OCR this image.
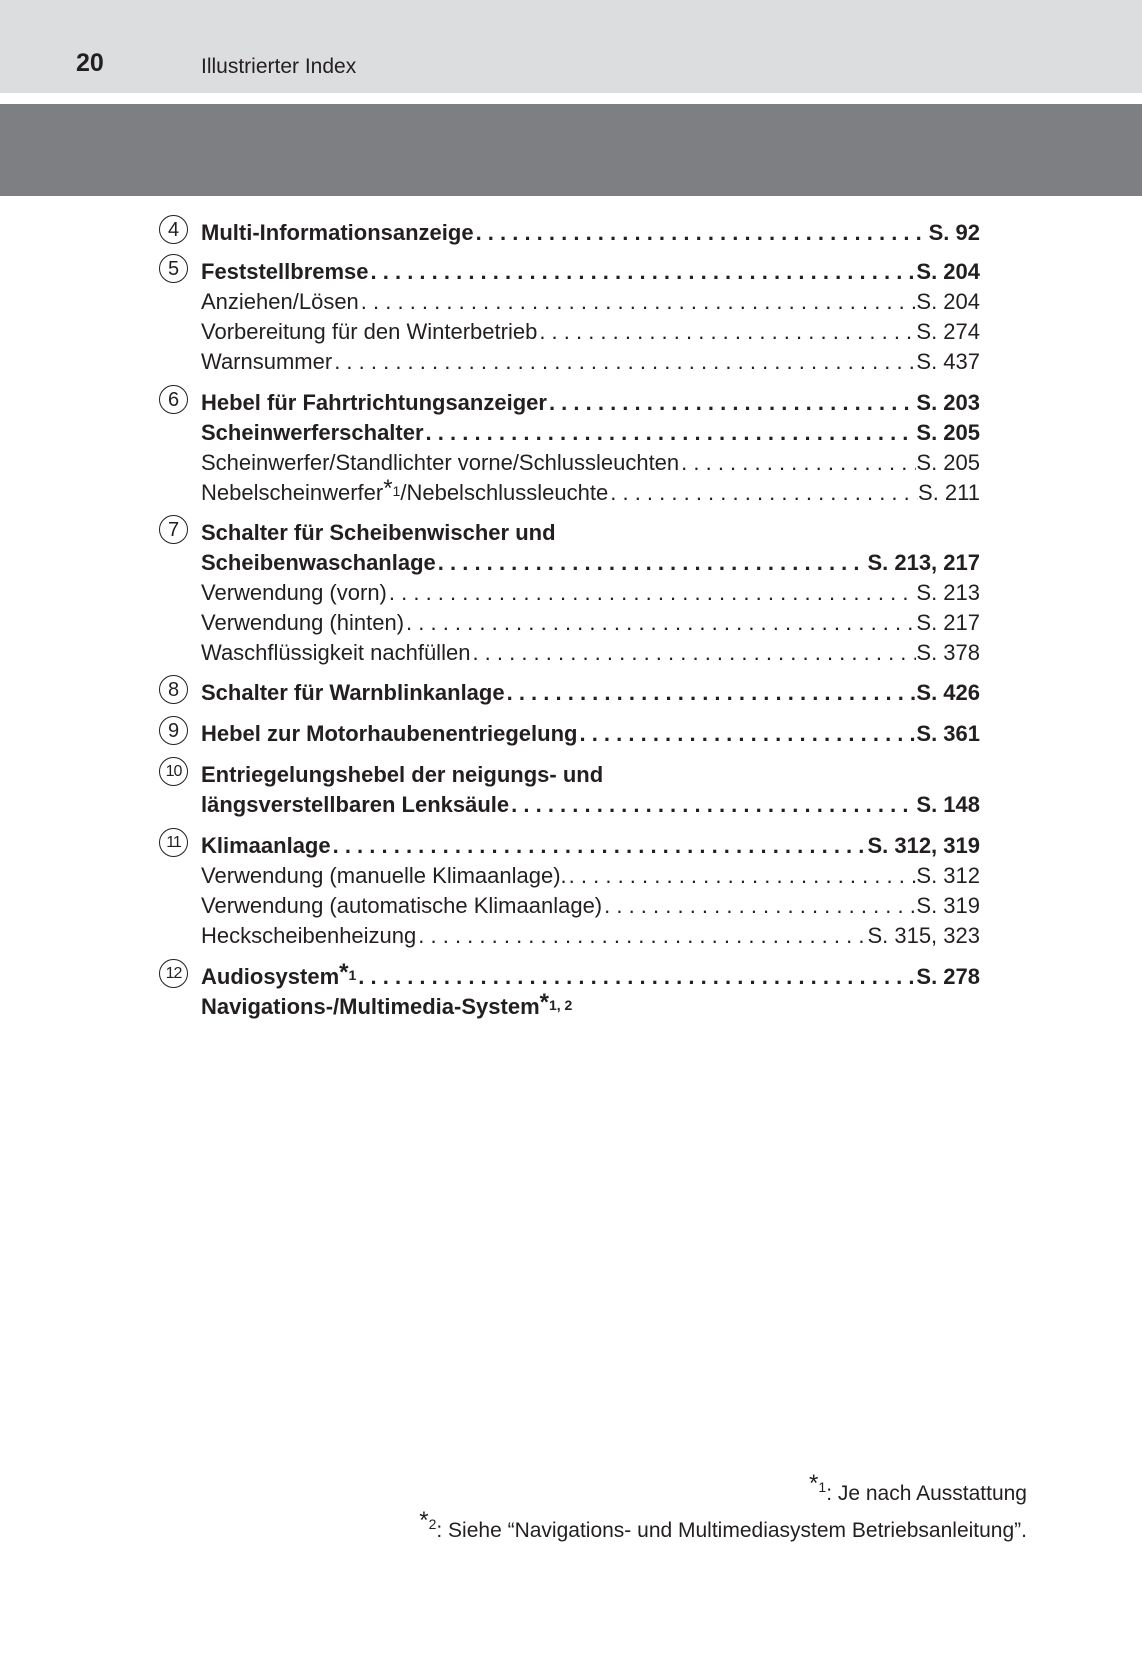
20	Illustrierter Index
4 Multi-Informationsanzeige . . .	S. 92
5 Feststellbremse . . .	S. 204
Anziehen/Lösen . . .	S. 204
Vorbereitung für den Winterbetrieb . . .	S. 274
Warnsummer . . .	S. 437
6 Hebel für Fahrtrichtungsanzeiger . . .	S. 203
Scheinwerferschalter . . .	S. 205
Scheinwerfer/Standlichter vorne/Schlussleuchten . . .	S. 205
Nebelscheinwerfer$^{*1}$/Nebelschlussleuchte . . .	S. 211
7 Schalter für Scheibenwischer und
Scheibenwaschanlage . . .	S. 213, 217
Verwendung (vorn) . . .	S. 213
Verwendung (hinten) . . .	S. 217
Waschflüssigkeit nachfüllen . . .	S. 378
8 Schalter für Warnblinkanlage . . .	S. 426
9 Hebel zur Motorhaubenentriegelung . . .	S. 361
10 Entriegelungshebel der neigungs- und
längsverstellbaren Lenksäule . . .	S. 148
11 Klimaanlage . . .	S. 312, 319
Verwendung (manuelle Klimaanlage). . . .	S. 312
Verwendung (automatische Klimaanlage) . . .	S. 319
Heckscheibenheizung . . .	S. 315, 323
12 Audiosystem$^{*1}$ . . .	S. 278
Navigations-/Multimedia-System$^{*1, 2}$
*$^1$: Je nach Ausstattung
*$^2$: Siehe “Navigations- und Multimediasystem Betriebsanleitung”.
